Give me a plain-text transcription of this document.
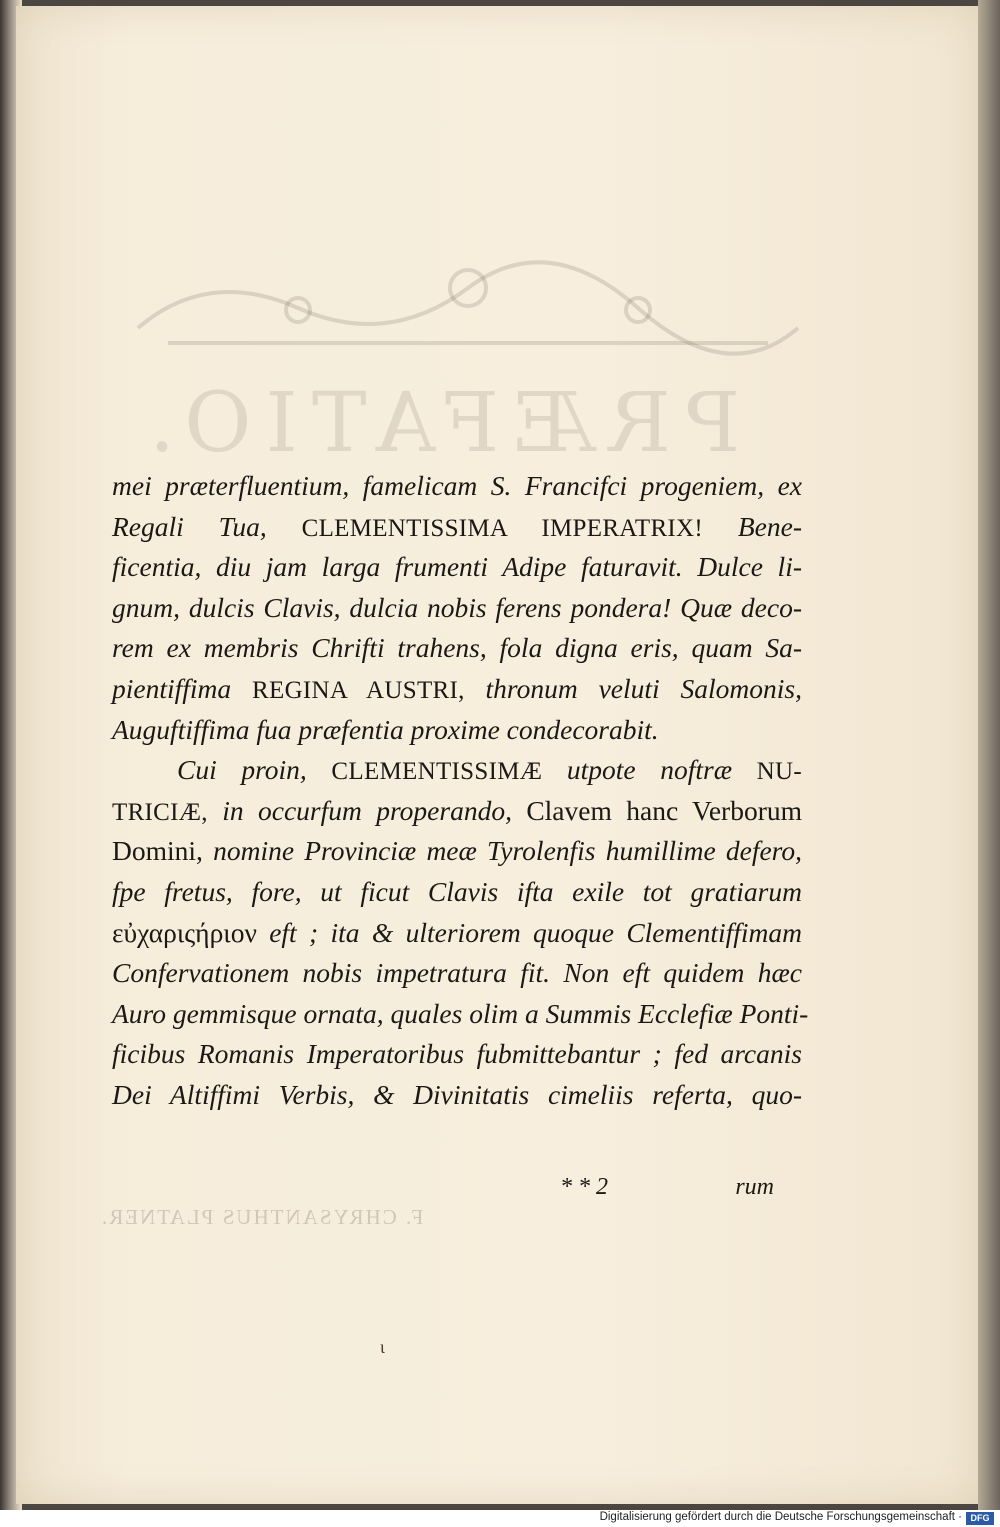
PRÆFATIO.
F. CHRYSANTHUS PLATNER.
mei præterfluentium, famelicam S. Francifci progeniem, ex
Regali Tua, CLEMENTISSIMA IMPERATRIX! Bene-
ficentia, diu jam larga frumenti Adipe faturavit. Dulce li-
gnum, dulcis Clavis, dulcia nobis ferens pondera! Quæ deco-
rem ex membris Chrifti trahens, fola digna eris, quam Sa-
pientiffima REGINA AUSTRI, thronum veluti Salomonis,
Auguftiffima fua præfentia proxime condecorabit.
Cui proin, CLEMENTISSIMÆ utpote noftræ NU-
TRICIÆ, in occurfum properando, Clavem hanc Verborum
Domini, nomine Provinciæ meæ Tyrolenfis humillime defero,
fpe fretus, fore, ut ficut Clavis ifta exile tot gratiarum
εὐχαριςήριον eft ; ita & ulteriorem quoque Clementiffimam
Confervationem nobis impetratura fit. Non eft quidem hæc
Auro gemmisque ornata, quales olim a Summis Ecclefiæ Ponti-
ficibus Romanis Imperatoribus fubmittebantur ; fed arcanis
Dei Altiffimi Verbis, & Divinitatis cimeliis referta, quo-
* * 2	rum
ɩ
Digitalisierung gefördert durch die Deutsche Forschungsgemeinschaft · DFG
